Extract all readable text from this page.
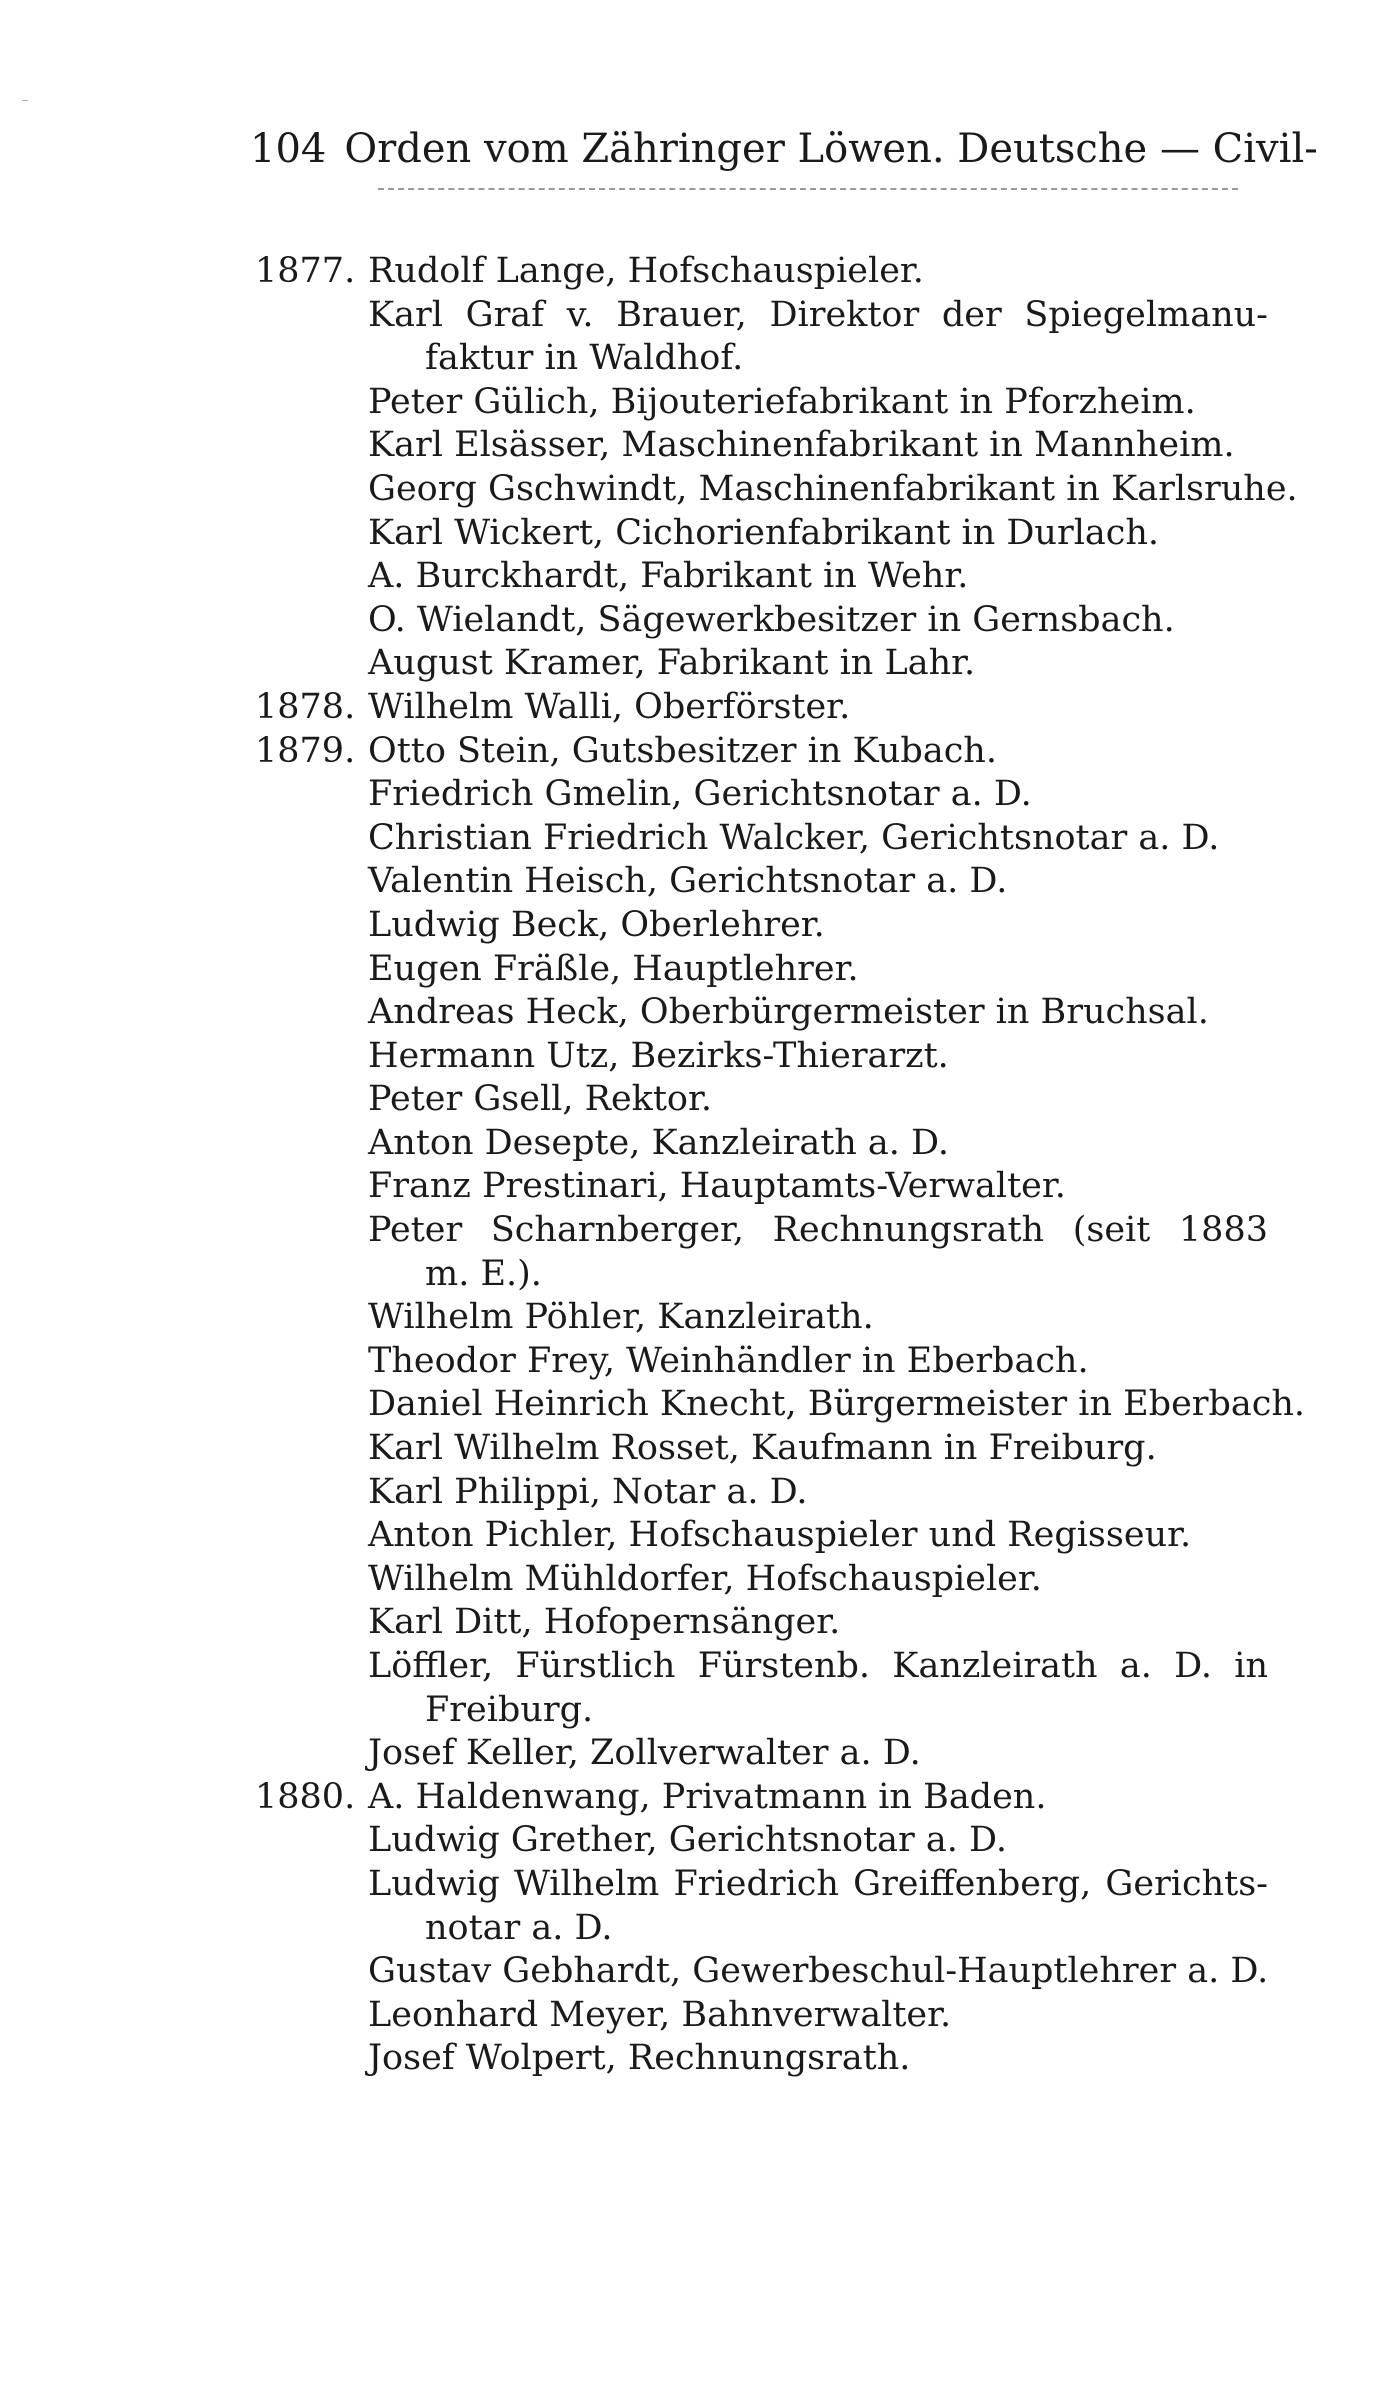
104 Orden vom Zähringer Löwen. Deutsche — Civil-
1877. Rudolf Lange, Hofschauspieler.
Karl Graf v. Brauer, Direktor der Spiegelmanu-
faktur in Waldhof.
Peter Gülich, Bijouteriefabrikant in Pforzheim.
Karl Elsässer, Maschinenfabrikant in Mannheim.
Georg Gschwindt, Maschinenfabrikant in Karlsruhe.
Karl Wickert, Cichorienfabrikant in Durlach.
A. Burckhardt, Fabrikant in Wehr.
O. Wielandt, Sägewerkbesitzer in Gernsbach.
August Kramer, Fabrikant in Lahr.
1878. Wilhelm Walli, Oberförster.
1879. Otto Stein, Gutsbesitzer in Kubach.
Friedrich Gmelin, Gerichtsnotar a. D.
Christian Friedrich Walcker, Gerichtsnotar a. D.
Valentin Heisch, Gerichtsnotar a. D.
Ludwig Beck, Oberlehrer.
Eugen Fräßle, Hauptlehrer.
Andreas Heck, Oberbürgermeister in Bruchsal.
Hermann Utz, Bezirks-Thierarzt.
Peter Gsell, Rektor.
Anton Desepte, Kanzleirath a. D.
Franz Prestinari, Hauptamts-Verwalter.
Peter Scharnberger, Rechnungsrath (seit 1883
m. E.).
Wilhelm Pöhler, Kanzleirath.
Theodor Frey, Weinhändler in Eberbach.
Daniel Heinrich Knecht, Bürgermeister in Eberbach.
Karl Wilhelm Rosset, Kaufmann in Freiburg.
Karl Philippi, Notar a. D.
Anton Pichler, Hofschauspieler und Regisseur.
Wilhelm Mühldorfer, Hofschauspieler.
Karl Ditt, Hofopernsänger.
Löffler, Fürstlich Fürstenb. Kanzleirath a. D. in
Freiburg.
Josef Keller, Zollverwalter a. D.
1880. A. Haldenwang, Privatmann in Baden.
Ludwig Grether, Gerichtsnotar a. D.
Ludwig Wilhelm Friedrich Greiffenberg, Gerichts-
notar a. D.
Gustav Gebhardt, Gewerbeschul-Hauptlehrer a. D.
Leonhard Meyer, Bahnverwalter.
Josef Wolpert, Rechnungsrath.
